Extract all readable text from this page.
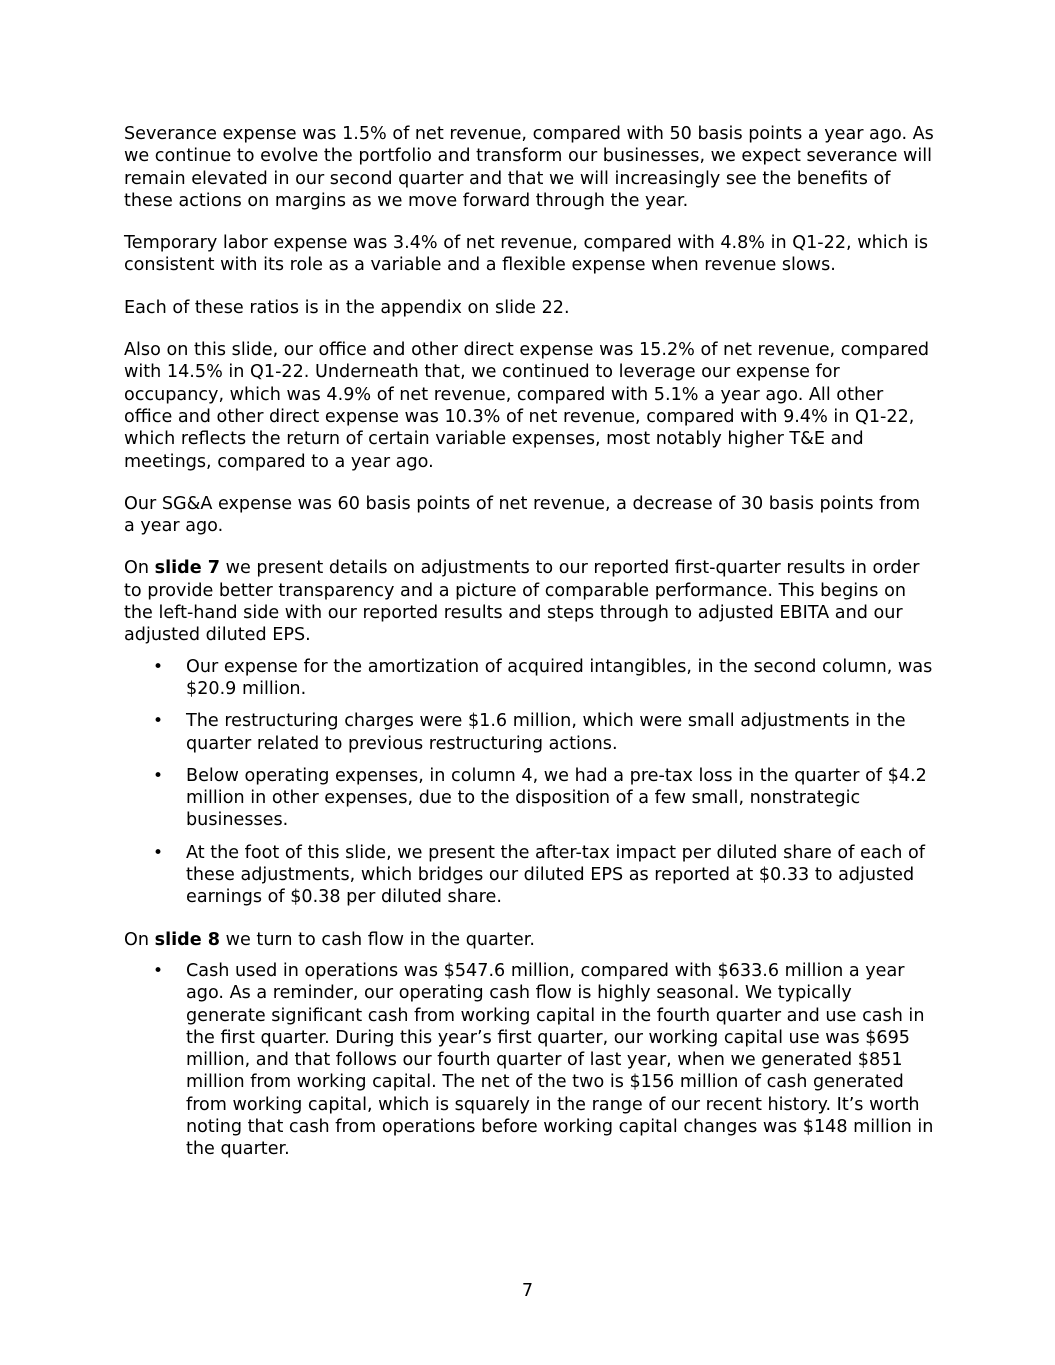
Severance expense was 1.5% of net revenue, compared with 50 basis points a year ago. As we continue to evolve the portfolio and transform our businesses, we expect severance will remain elevated in our second quarter and that we will increasingly see the benefits of these actions on margins as we move forward through the year.

Temporary labor expense was 3.4% of net revenue, compared with 4.8% in Q1-22, which is consistent with its role as a variable and a flexible expense when revenue slows.

Each of these ratios is in the appendix on slide 22.

Also on this slide, our office and other direct expense was 15.2% of net revenue, compared with 14.5% in Q1-22. Underneath that, we continued to leverage our expense for occupancy, which was 4.9% of net revenue, compared with 5.1% a year ago. All other office and other direct expense was 10.3% of net revenue, compared with 9.4% in Q1-22, which reflects the return of certain variable expenses, most notably higher T&E and meetings, compared to a year ago.

Our SG&A expense was 60 basis points of net revenue, a decrease of 30 basis points from a year ago.

On slide 7 we present details on adjustments to our reported first-quarter results in order to provide better transparency and a picture of comparable performance. This begins on the left-hand side with our reported results and steps through to adjusted EBITA and our adjusted diluted EPS.

• Our expense for the amortization of acquired intangibles, in the second column, was $20.9 million.
• The restructuring charges were $1.6 million, which were small adjustments in the quarter related to previous restructuring actions.
• Below operating expenses, in column 4, we had a pre-tax loss in the quarter of $4.2 million in other expenses, due to the disposition of a few small, nonstrategic businesses.
• At the foot of this slide, we present the after-tax impact per diluted share of each of these adjustments, which bridges our diluted EPS as reported at $0.33 to adjusted earnings of $0.38 per diluted share.

On slide 8 we turn to cash flow in the quarter.

• Cash used in operations was $547.6 million, compared with $633.6 million a year ago. As a reminder, our operating cash flow is highly seasonal. We typically generate significant cash from working capital in the fourth quarter and use cash in the first quarter. During this year’s first quarter, our working capital use was $695 million, and that follows our fourth quarter of last year, when we generated $851 million from working capital. The net of the two is $156 million of cash generated from working capital, which is squarely in the range of our recent history. It’s worth noting that cash from operations before working capital changes was $148 million in the quarter.
7
